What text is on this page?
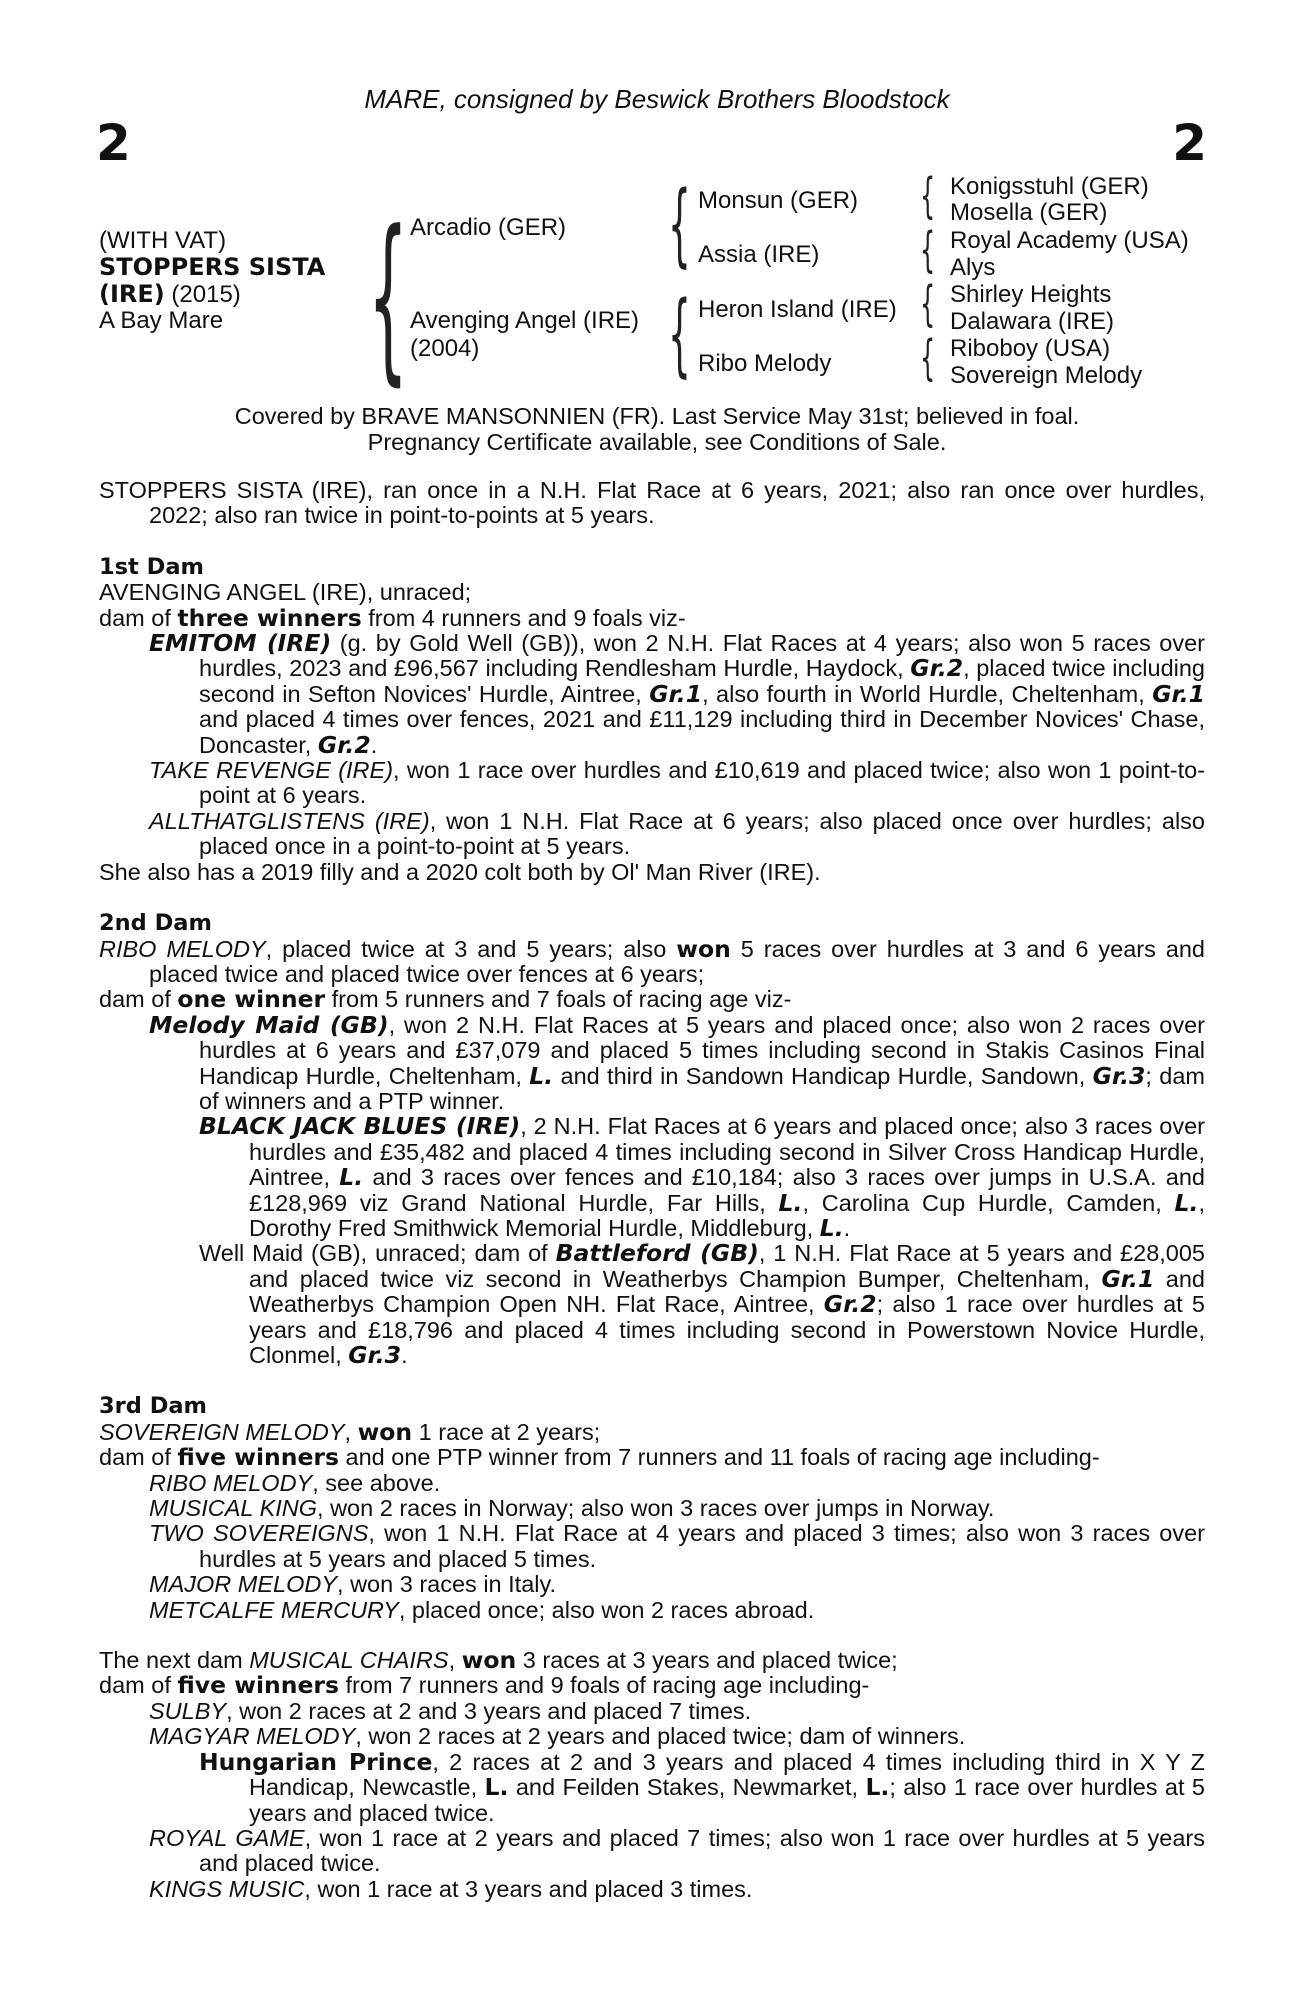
MARE, consigned by Beswick Brothers Bloodstock
2	2
(WITH VAT)
STOPPERS SISTA
(IRE) (2015)
A Bay Mare { Arcadio (GER)
Avenging Angel (IRE)
(2004)
{
{
Monsun (GER)
Assia (IRE)
Heron Island (IRE)
Ribo Melody
{
{
{
{
Konigsstuhl (GER)
Mosella (GER)
Royal Academy (USA)
Alys
Shirley Heights
Dalawara (IRE)
Riboboy (USA)
Sovereign Melody
Covered by BRAVE MANSONNIEN (FR). Last Service May 31st; believed in foal.
Pregnancy Certificate available, see Conditions of Sale.

STOPPERS SISTA (IRE), ran once in a N.H. Flat Race at 6 years, 2021; also ran once over hurdles, 2022; also ran twice in point-to-points at 5 years.

1st Dam

AVENGING ANGEL (IRE), unraced;

dam of three winners from 4 runners and 9 foals viz-

EMITOM (IRE) (g. by Gold Well (GB)), won 2 N.H. Flat Races at 4 years; also won 5 races over hurdles, 2023 and £96,567 including Rendlesham Hurdle, Haydock, Gr.2, placed twice including second in Sefton Novices' Hurdle, Aintree, Gr.1, also fourth in World Hurdle, Cheltenham, Gr.1 and placed 4 times over fences, 2021 and £11,129 including third in December Novices' Chase, Doncaster, Gr.2.

TAKE REVENGE (IRE), won 1 race over hurdles and £10,619 and placed twice; also won 1 point-to-point at 6 years.

ALLTHATGLISTENS (IRE), won 1 N.H. Flat Race at 6 years; also placed once over hurdles; also placed once in a point-to-point at 5 years.

She also has a 2019 filly and a 2020 colt both by Ol' Man River (IRE).

2nd Dam

RIBO MELODY, placed twice at 3 and 5 years; also won 5 races over hurdles at 3 and 6 years and placed twice and placed twice over fences at 6 years;

dam of one winner from 5 runners and 7 foals of racing age viz-

Melody Maid (GB), won 2 N.H. Flat Races at 5 years and placed once; also won 2 races over hurdles at 6 years and £37,079 and placed 5 times including second in Stakis Casinos Final Handicap Hurdle, Cheltenham, L. and third in Sandown Handicap Hurdle, Sandown, Gr.3; dam of winners and a PTP winner.

BLACK JACK BLUES (IRE), 2 N.H. Flat Races at 6 years and placed once; also 3 races over hurdles and £35,482 and placed 4 times including second in Silver Cross Handicap Hurdle, Aintree, L. and 3 races over fences and £10,184; also 3 races over jumps in U.S.A. and £128,969 viz Grand National Hurdle, Far Hills, L., Carolina Cup Hurdle, Camden, L., Dorothy Fred Smithwick Memorial Hurdle, Middleburg, L..

Well Maid (GB), unraced; dam of Battleford (GB), 1 N.H. Flat Race at 5 years and £28,005 and placed twice viz second in Weatherbys Champion Bumper, Cheltenham, Gr.1 and Weatherbys Champion Open NH. Flat Race, Aintree, Gr.2; also 1 race over hurdles at 5 years and £18,796 and placed 4 times including second in Powerstown Novice Hurdle, Clonmel, Gr.3.

3rd Dam

SOVEREIGN MELODY, won 1 race at 2 years;

dam of five winners and one PTP winner from 7 runners and 11 foals of racing age including-

RIBO MELODY, see above.

MUSICAL KING, won 2 races in Norway; also won 3 races over jumps in Norway.

TWO SOVEREIGNS, won 1 N.H. Flat Race at 4 years and placed 3 times; also won 3 races over hurdles at 5 years and placed 5 times.

MAJOR MELODY, won 3 races in Italy.

METCALFE MERCURY, placed once; also won 2 races abroad.

The next dam MUSICAL CHAIRS, won 3 races at 3 years and placed twice;

dam of five winners from 7 runners and 9 foals of racing age including-

SULBY, won 2 races at 2 and 3 years and placed 7 times.

MAGYAR MELODY, won 2 races at 2 years and placed twice; dam of winners.

Hungarian Prince, 2 races at 2 and 3 years and placed 4 times including third in X Y Z Handicap, Newcastle, L. and Feilden Stakes, Newmarket, L.; also 1 race over hurdles at 5 years and placed twice.

ROYAL GAME, won 1 race at 2 years and placed 7 times; also won 1 race over hurdles at 5 years and placed twice.

KINGS MUSIC, won 1 race at 3 years and placed 3 times.
